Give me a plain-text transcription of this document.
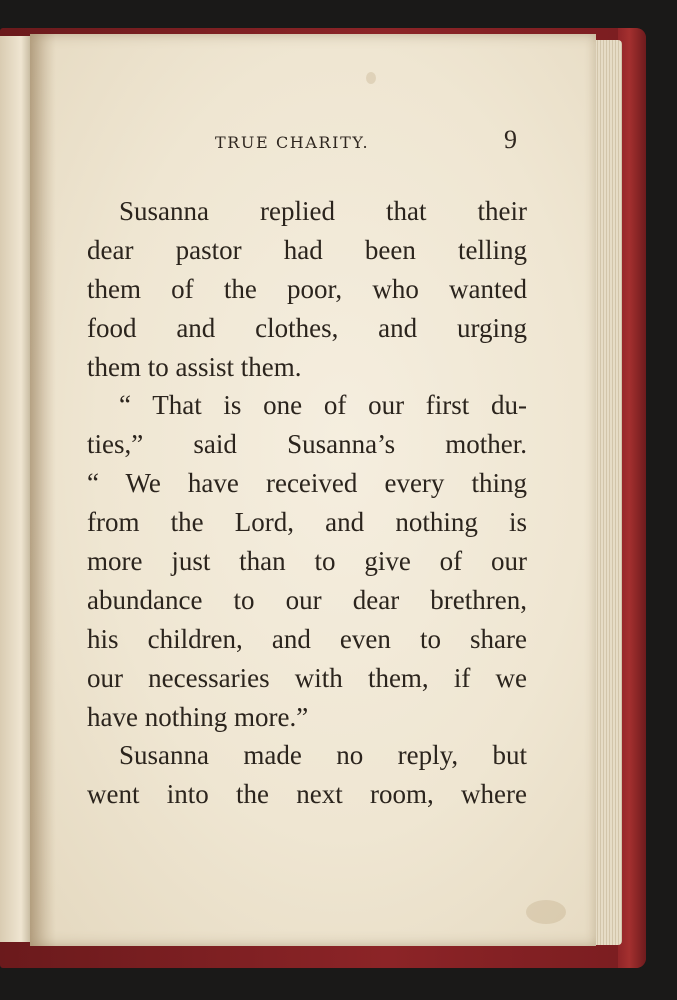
TRUE CHARITY.	9
Susanna replied that their
dear pastor had been telling
them of the poor, who wanted
food and clothes, and urging
them to assist them.
“ That is one of our first du-
ties,” said Susanna’s mother.
“ We have received every thing
from the Lord, and nothing is
more just than to give of our
abundance to our dear brethren,
his children, and even to share
our necessaries with them, if we
have nothing more.”
Susanna made no reply, but
went into the next room, where
